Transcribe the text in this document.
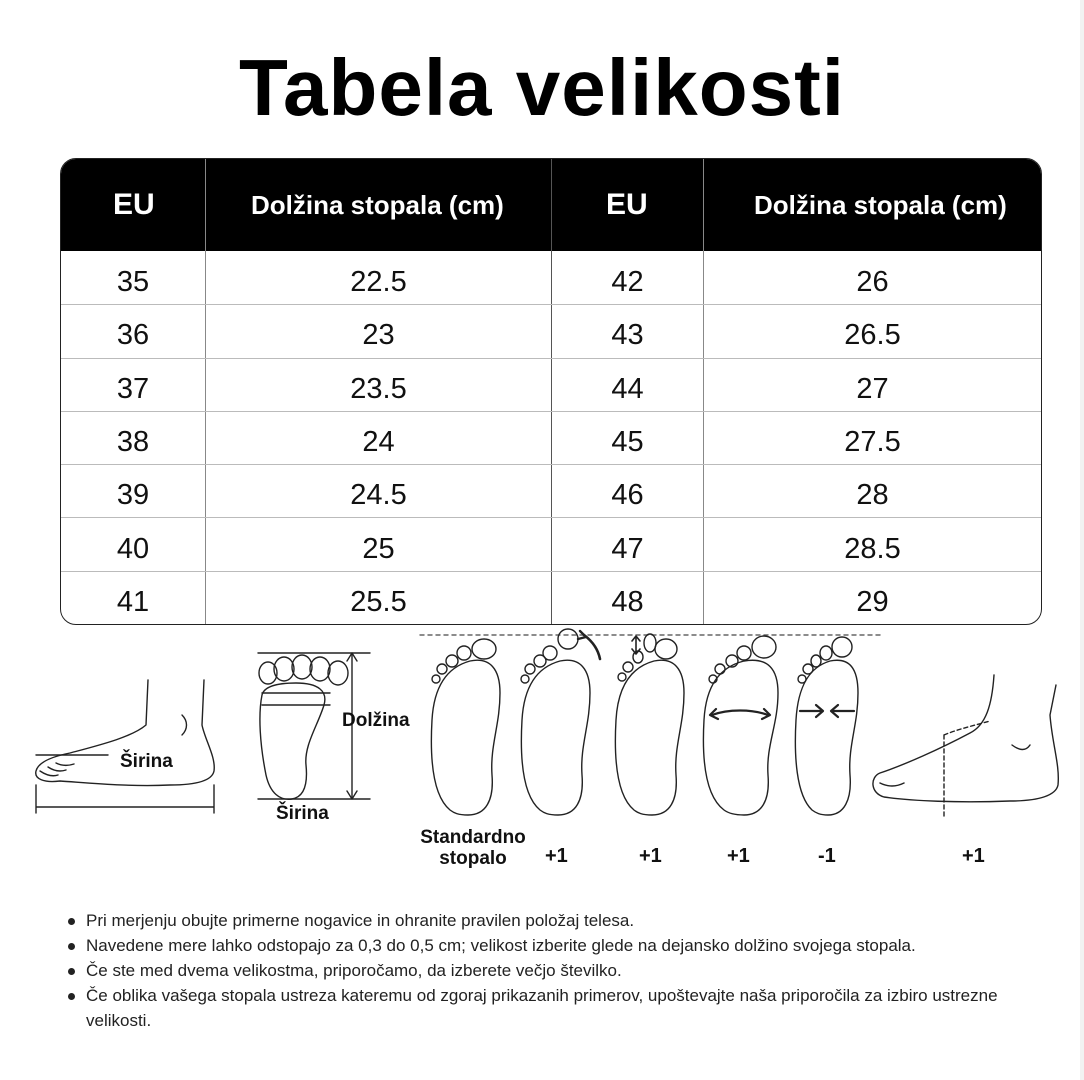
Tabela velikosti
EU	Dolžina stopala (cm)	EU	Dolžina stopala (cm)
35	22.5	42	26
36	23	43	26.5
37	23.5	44	27
38	24	45	27.5
39	24.5	46	28
40	25	47	28.5
41	25.5	48	29
Širina
Dolžina
Širina
Standardno
stopalo	+1	+1	+1	-1	+1
Pri merjenju obujte primerne nogavice in ohranite pravilen položaj telesa.
Navedene mere lahko odstopajo za 0,3 do 0,5 cm; velikost izberite glede na dejansko dolžino svojega stopala.
Če ste med dvema velikostma, priporočamo, da izberete večjo številko.
Če oblika vašega stopala ustreza kateremu od zgoraj prikazanih primerov, upoštevajte naša priporočila za izbiro ustrezne velikosti.
